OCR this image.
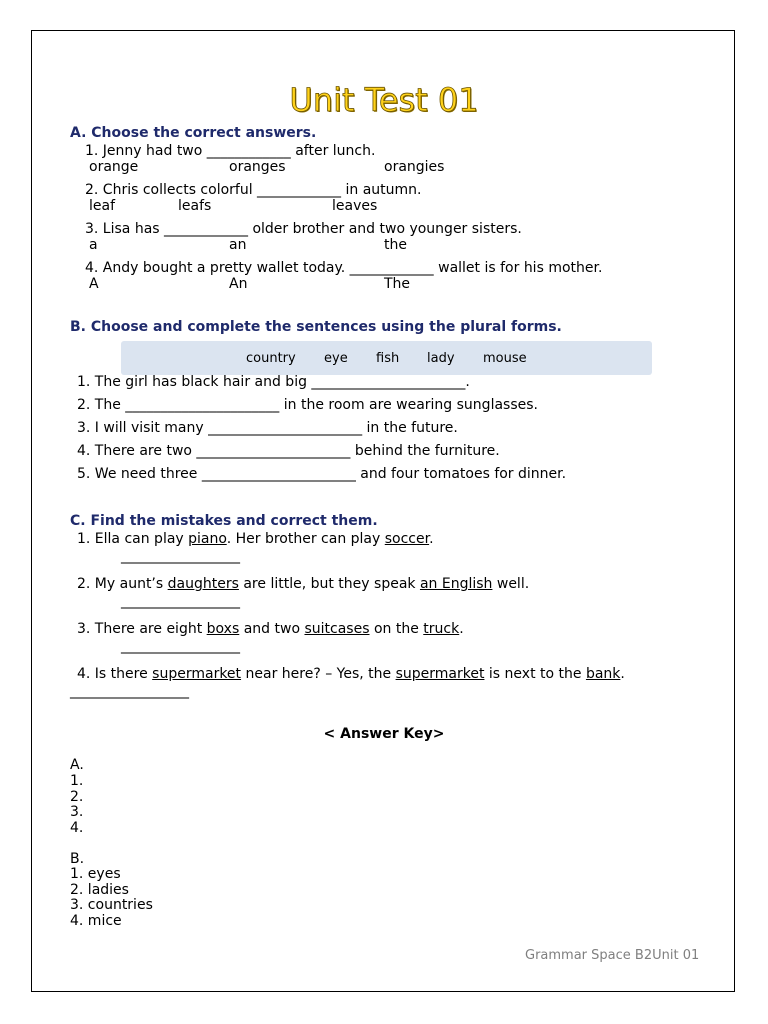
Unit Test 01
A. Choose the correct answers.
1. Jenny had two ____________ after lunch.
orange	oranges	orangies
2. Chris collects colorful ____________ in autumn.
leaf	leafs	leaves
3. Lisa has ____________ older brother and two younger sisters.
a	an	the
4. Andy bought a pretty wallet today. ____________ wallet is for his mother.
A	An	The
B. Choose and complete the sentences using the plural forms.
country eye fish lady mouse
1. The girl has black hair and big ______________________.
2. The ______________________ in the room are wearing sunglasses.
3. I will visit many ______________________ in the future.
4. There are two ______________________ behind the furniture.
5. We need three ______________________ and four tomatoes for dinner.
C. Find the mistakes and correct them.
1. Ella can play piano. Her brother can play soccer.
_________________
2. My aunt’s daughters are little, but they speak an English well.
_________________
3. There are eight boxs and two suitcases on the truck.
_________________
4. Is there supermarket near here? – Yes, the supermarket is next to the bank.
_________________
< Answer Key>
A.
1.
2.
3.
4.
B.
1. eyes
2. ladies
3. countries
4. mice
Grammar Space B2Unit 01
